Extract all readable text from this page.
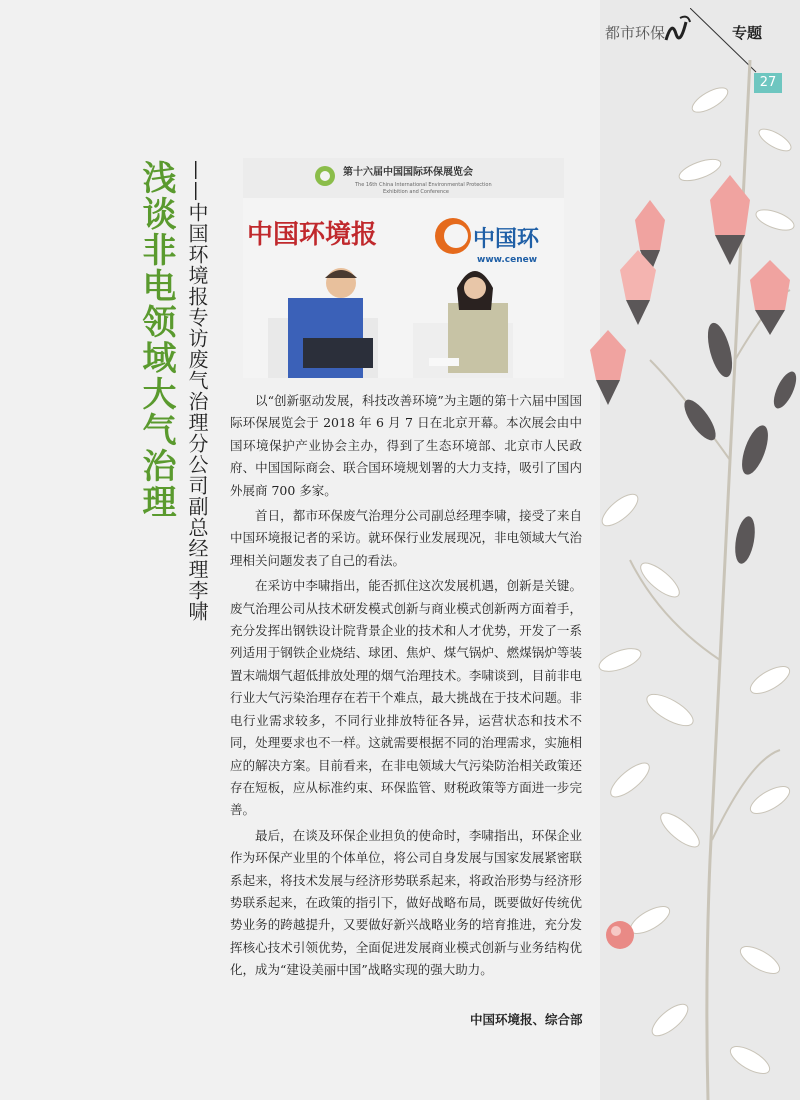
都市环保	专题
27
浅谈非电领域大气治理 ——中国环境报专访废气治理分公司副总经理李啸	第十六届中国国际环保展览会
The 16th China International Environmental Protection
Exhibition and Conference
中国环境报	中国环
www.cenew

以“创新驱动发展，科技改善环境”为主题的第十六届中国国际环保展览会于 2018 年 6 月 7 日在北京开幕。本次展会由中国环境保护产业协会主办，得到了生态环境部、北京市人民政府、中国国际商会、联合国环境规划署的大力支持，吸引了国内外展商 700 多家。

首日，都市环保废气治理分公司副总经理李啸，接受了来自中国环境报记者的采访。就环保行业发展现况，非电领域大气治理相关问题发表了自己的看法。

在采访中李啸指出，能否抓住这次发展机遇，创新是关键。废气治理公司从技术研发模式创新与商业模式创新两方面着手，充分发挥出钢铁设计院背景企业的技术和人才优势，开发了一系列适用于钢铁企业烧结、球团、焦炉、煤气锅炉、燃煤锅炉等装置末端烟气超低排放处理的烟气治理技术。李啸谈到，目前非电行业大气污染治理存在若干个难点，最大挑战在于技术问题。非电行业需求较多，不同行业排放特征各异，运营状态和技术不同，处理要求也不一样。这就需要根据不同的治理需求，实施相应的解决方案。目前看来，在非电领域大气污染防治相关政策还存在短板，应从标准约束、环保监管、财税政策等方面进一步完善。

最后，在谈及环保企业担负的使命时，李啸指出，环保企业作为环保产业里的个体单位，将公司自身发展与国家发展紧密联系起来，将技术发展与经济形势联系起来，将政治形势与经济形势联系起来，在政策的指引下，做好战略布局，既要做好传统优势业务的跨越提升，又要做好新兴战略业务的培育推进，充分发挥核心技术引领优势，全面促进发展商业模式创新与业务结构优化，成为“建设美丽中国”战略实现的强大助力。

中国环境报、综合部
